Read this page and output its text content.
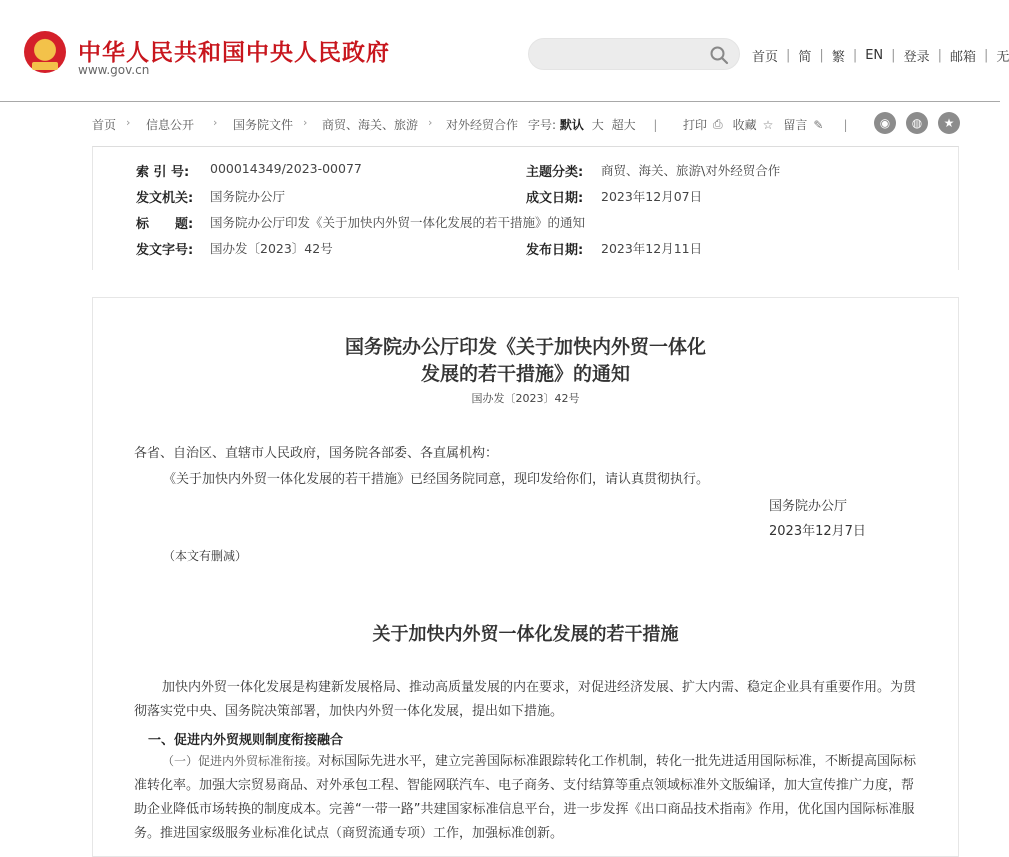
中华人民共和国中央人民政府
www.gov.cn
首页 | 简 | 繁 | EN | 登录 | 邮箱 | 无
首页 › 信息公开 › 国务院文件 › 商贸、海关、旅游 › 对外经贸合作 字号: 默认 大 超大 | 打印 ⎙ 收藏 ☆ 留言 ✎ |	◉	◍	★
索 引 号: 000014349/2023-00077	主题分类: 商贸、海关、旅游\对外经贸合作
发文机关: 国务院办公厅	成文日期: 2023年12月07日
标　　题: 国务院办公厅印发《关于加快内外贸一体化发展的若干措施》的通知
发文字号: 国办发〔2023〕42号	发布日期: 2023年12月11日
国务院办公厅印发《关于加快内外贸一体化
发展的若干措施》的通知
国办发〔2023〕42号
各省、自治区、直辖市人民政府，国务院各部委、各直属机构：
《关于加快内外贸一体化发展的若干措施》已经国务院同意，现印发给你们，请认真贯彻执行。
国务院办公厅
2023年12月7日
（本文有删减）
关于加快内外贸一体化发展的若干措施
加快内外贸一体化发展是构建新发展格局、推动高质量发展的内在要求，对促进经济发展、扩大内需、稳定企业具有重要作用。为贯彻落实党中央、国务院决策部署，加快内外贸一体化发展，提出如下措施。
一、促进内外贸规则制度衔接融合
（一）促进内外贸标准衔接。对标国际先进水平，建立完善国际标准跟踪转化工作机制，转化一批先进适用国际标准，不断提高国际标准转化率。加强大宗贸易商品、对外承包工程、智能网联汽车、电子商务、支付结算等重点领域标准外文版编译，加大宣传推广力度，帮助企业降低市场转换的制度成本。完善“一带一路”共建国家标准信息平台，进一步发挥《出口商品技术指南》作用，优化国内国际标准服务。推进国家级服务业标准化试点（商贸流通专项）工作，加强标准创新。
